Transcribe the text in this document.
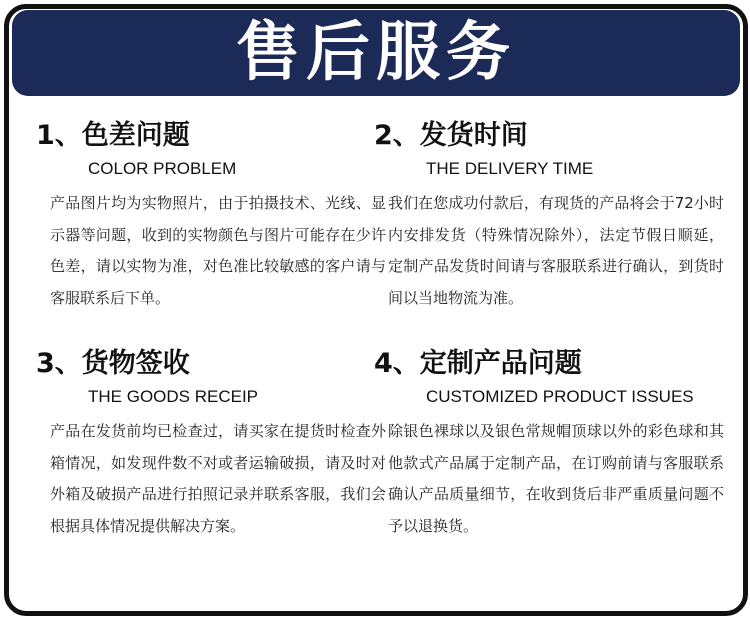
售后服务
1、色差问题
COLOR PROBLEM
产品图片均为实物照片，由于拍摄技术、光线、显示器等问题，收到的实物颜色与图片可能存在少许色差，请以实物为准，对色准比较敏感的客户请与客服联系后下单。
2、发货时间
THE DELIVERY TIME
我们在您成功付款后，有现货的产品将会于72小时内安排发货（特殊情况除外），法定节假日顺延，定制产品发货时间请与客服联系进行确认，到货时间以当地物流为准。
3、货物签收
THE GOODS RECEIP
产品在发货前均已检查过，请买家在提货时检查外箱情况，如发现件数不对或者运输破损，请及时对外箱及破损产品进行拍照记录并联系客服，我们会根据具体情况提供解决方案。
4、定制产品问题
CUSTOMIZED PRODUCT ISSUES
除银色裸球以及银色常规帽顶球以外的彩色球和其他款式产品属于定制产品，在订购前请与客服联系确认产品质量细节，在收到货后非严重质量问题不予以退换货。
